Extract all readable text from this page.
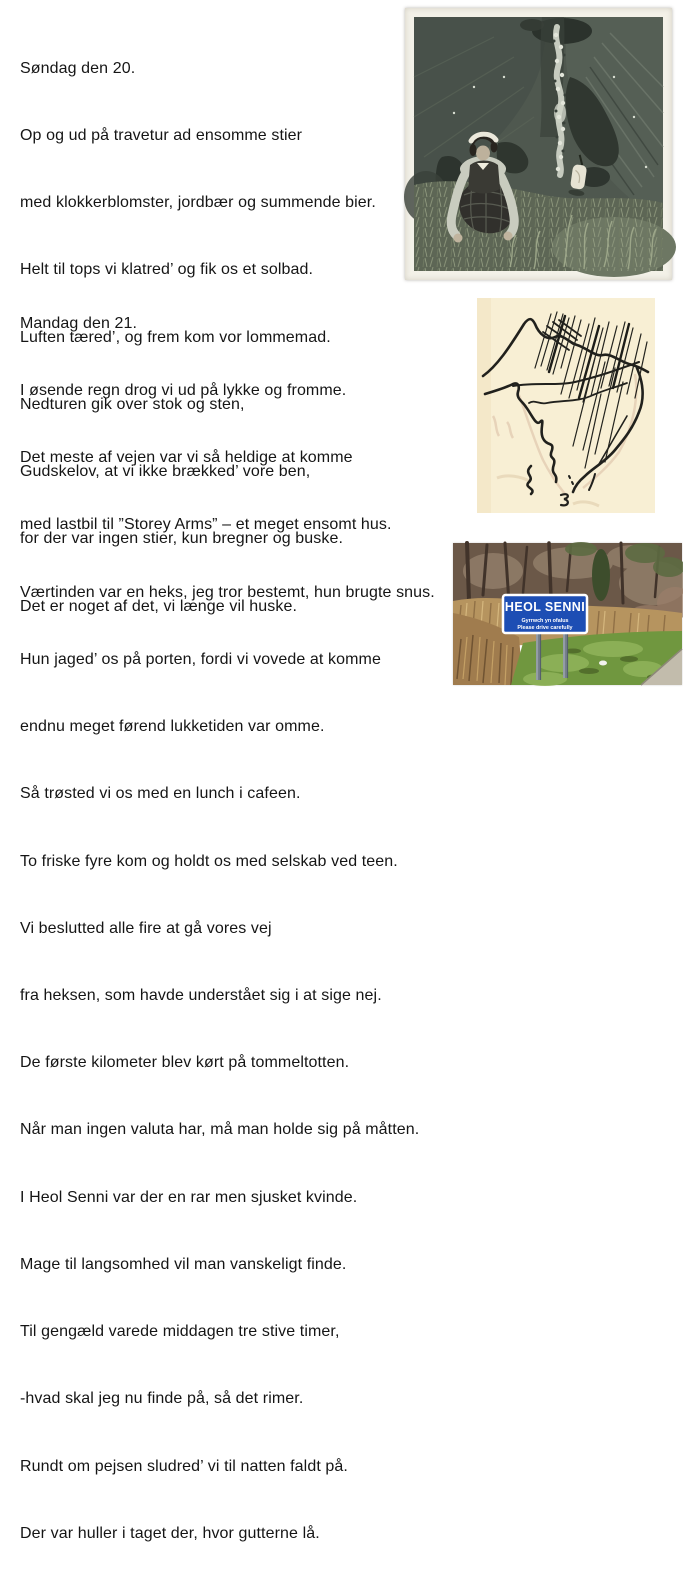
Søndag den 20.

Op og ud på travetur ad ensomme stier

med klokkerblomster, jordbær og summende bier.

Helt til tops vi klatred’ og fik os et solbad.

Luften tæred’, og frem kom vor lommemad.

Nedturen gik over stok og sten,

Gudskelov, at vi ikke brækked’ vore ben,

for der var ingen stier, kun bregner og buske.

Det er noget af det, vi længe vil huske.

Mandag den 21.

I øsende regn drog vi ud på lykke og fromme.

Det meste af vejen var vi så heldige at komme

med lastbil til ”Storey Arms” – et meget ensomt hus.

Værtinden var en heks, jeg tror bestemt, hun brugte snus.

Hun jaged’ os på porten, fordi vi vovede at komme

endnu meget førend lukketiden var omme.

Så trøsted vi os med en lunch i cafeen.

To friske fyre kom og holdt os med selskab ved teen.

Vi beslutted alle fire at gå vores vej

fra heksen, som havde understået sig i at sige nej.

De første kilometer blev kørt på tommeltotten.

Når man ingen valuta har, må man holde sig på måtten.

I Heol Senni var der en rar men sjusket kvinde.

Mage til langsomhed vil man vanskeligt finde.

Til gengæld varede middagen tre stive timer,

-hvad skal jeg nu finde på, så det rimer.

Rundt om pejsen sludred’ vi til natten faldt på.

Der var huller i taget der, hvor gutterne lå.

HEOL SENNI
Gyrrwch yn ofalus
Please drive carefully
